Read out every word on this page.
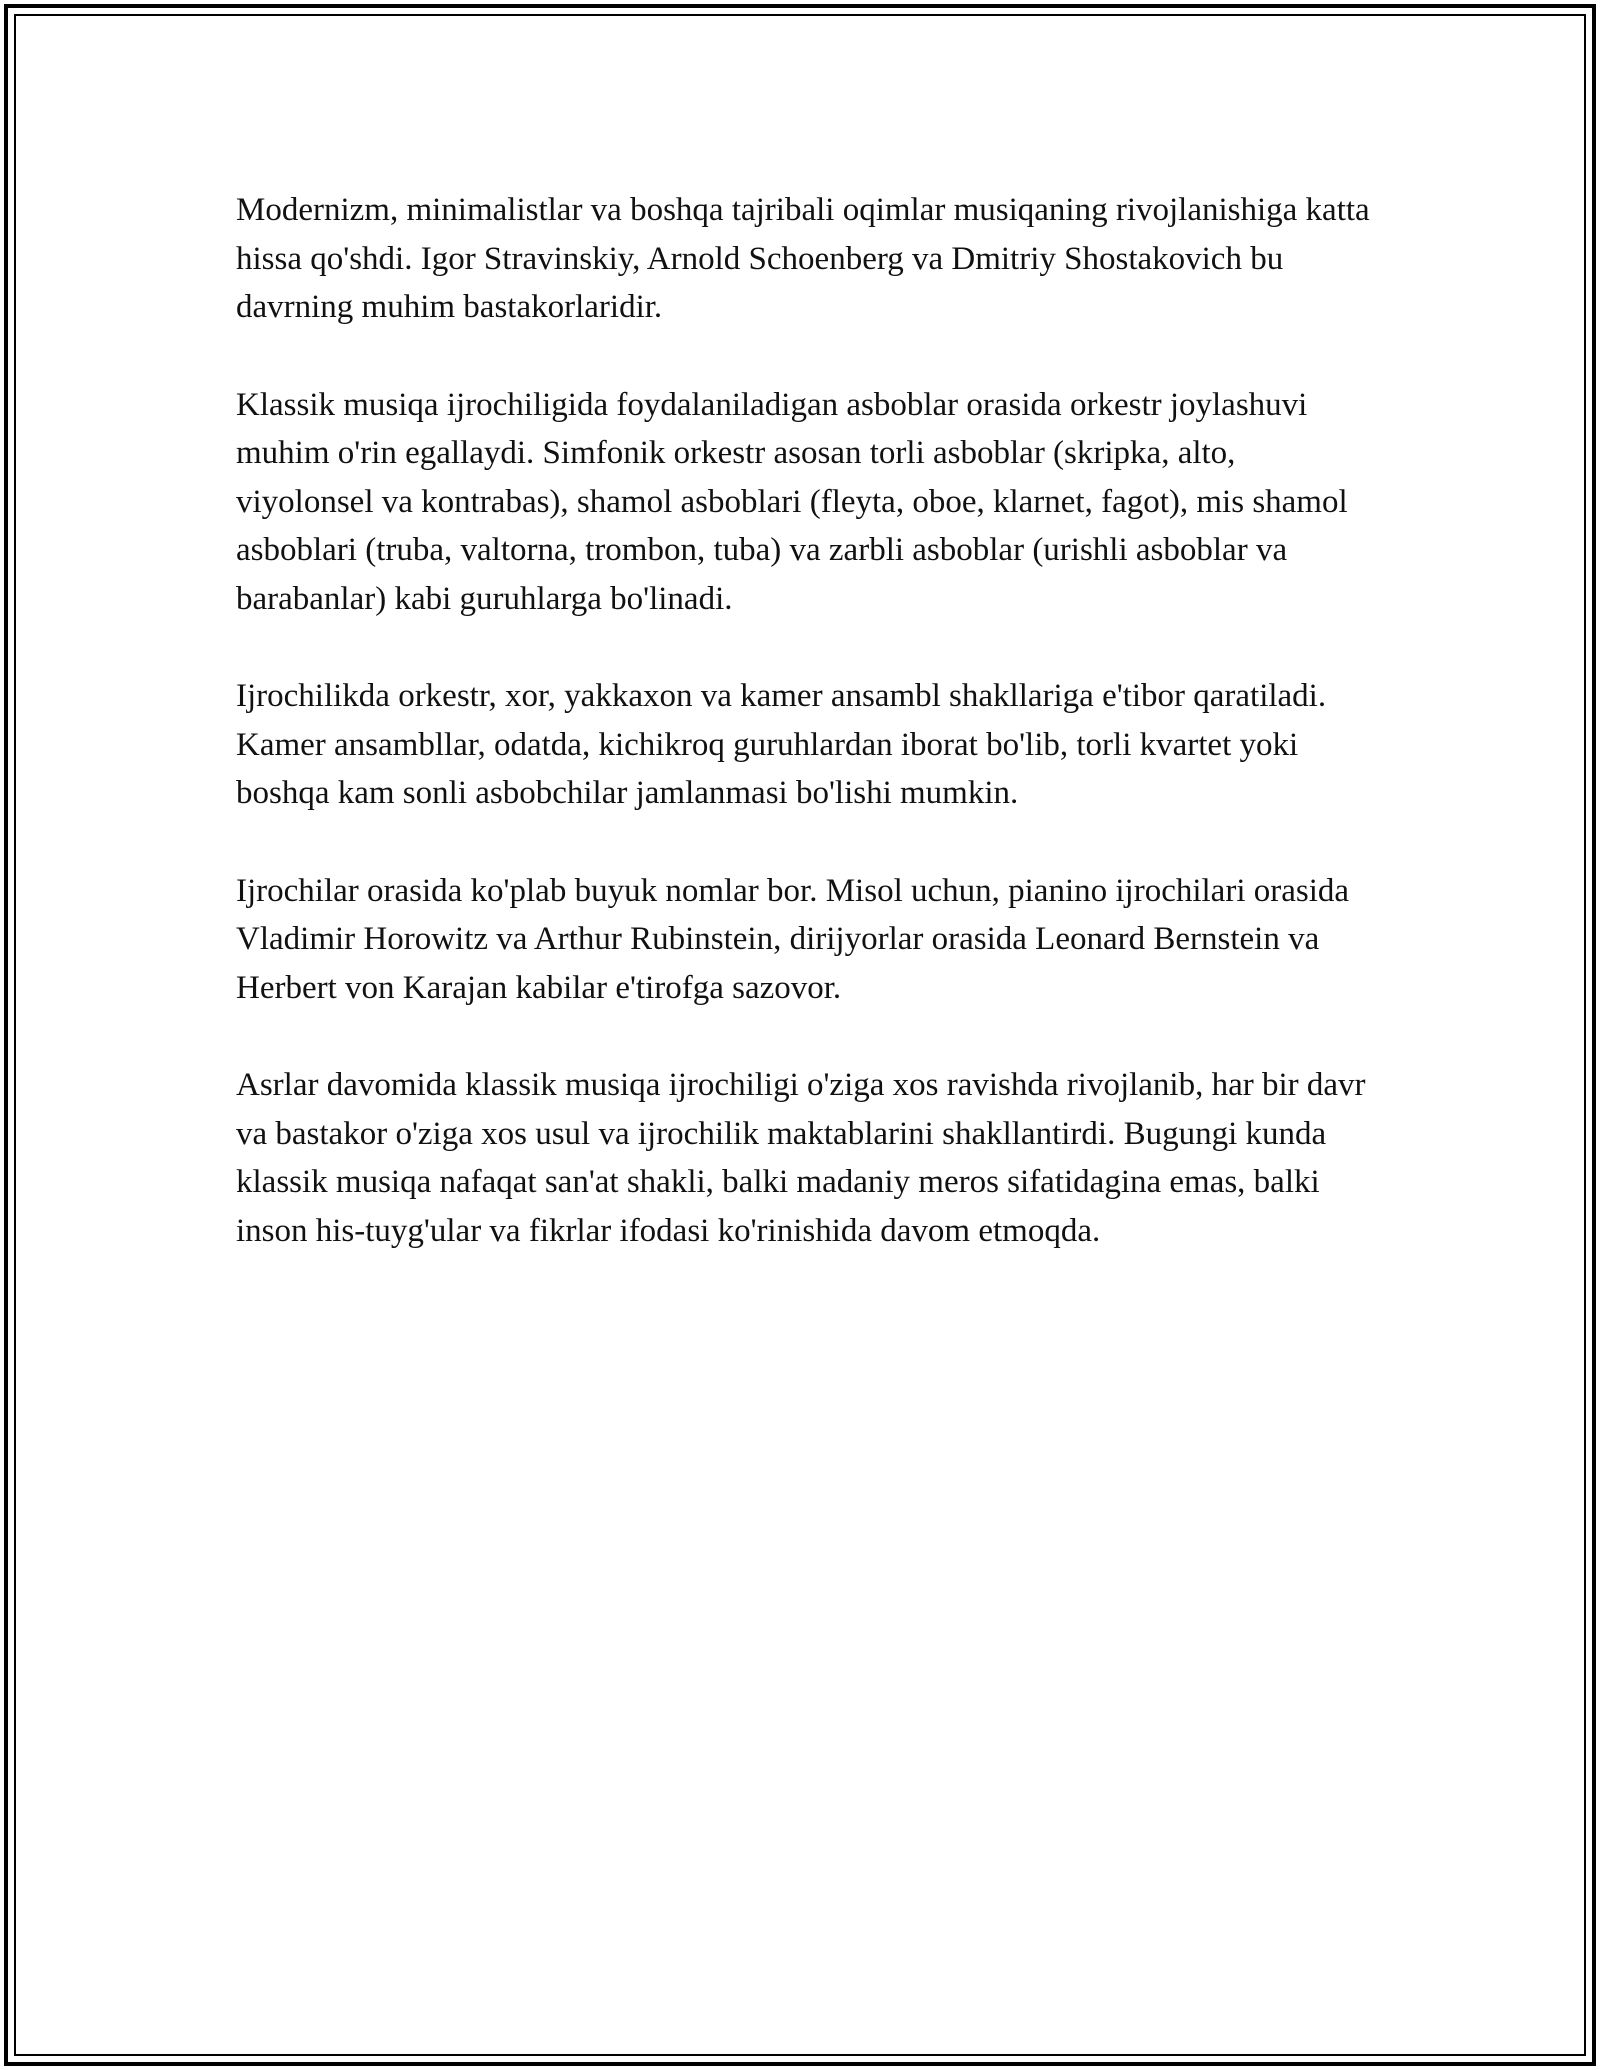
Modernizm, minimalistlar va boshqa tajribali oqimlar musiqaning rivojlanishiga katta hissa qo'shdi. Igor Stravinskiy, Arnold Schoenberg va Dmitriy Shostakovich bu davrning muhim bastakorlaridir.

Klassik musiqa ijrochiligida foydalaniladigan asboblar orasida orkestr joylashuvi muhim o'rin egallaydi. Simfonik orkestr asosan torli asboblar (skripka, alto, viyolonsel va kontrabas), shamol asboblari (fleyta, oboe, klarnet, fagot), mis shamol asboblari (truba, valtorna, trombon, tuba) va zarbli asboblar (urishli asboblar va barabanlar) kabi guruhlarga bo'linadi.

Ijrochilikda orkestr, xor, yakkaxon va kamer ansambl shakllariga e'tibor qaratiladi. Kamer ansambllar, odatda, kichikroq guruhlardan iborat bo'lib, torli kvartet yoki boshqa kam sonli asbobchilar jamlanmasi bo'lishi mumkin.

Ijrochilar orasida ko'plab buyuk nomlar bor. Misol uchun, pianino ijrochilari orasida Vladimir Horowitz va Arthur Rubinstein, dirijyorlar orasida Leonard Bernstein va Herbert von Karajan kabilar e'tirofga sazovor.

Asrlar davomida klassik musiqa ijrochiligi o'ziga xos ravishda rivojlanib, har bir davr va bastakor o'ziga xos usul va ijrochilik maktablarini shakllantirdi. Bugungi kunda klassik musiqa nafaqat san'at shakli, balki madaniy meros sifatidagina emas, balki inson his-tuyg'ular va fikrlar ifodasi ko'rinishida davom etmoqda.
